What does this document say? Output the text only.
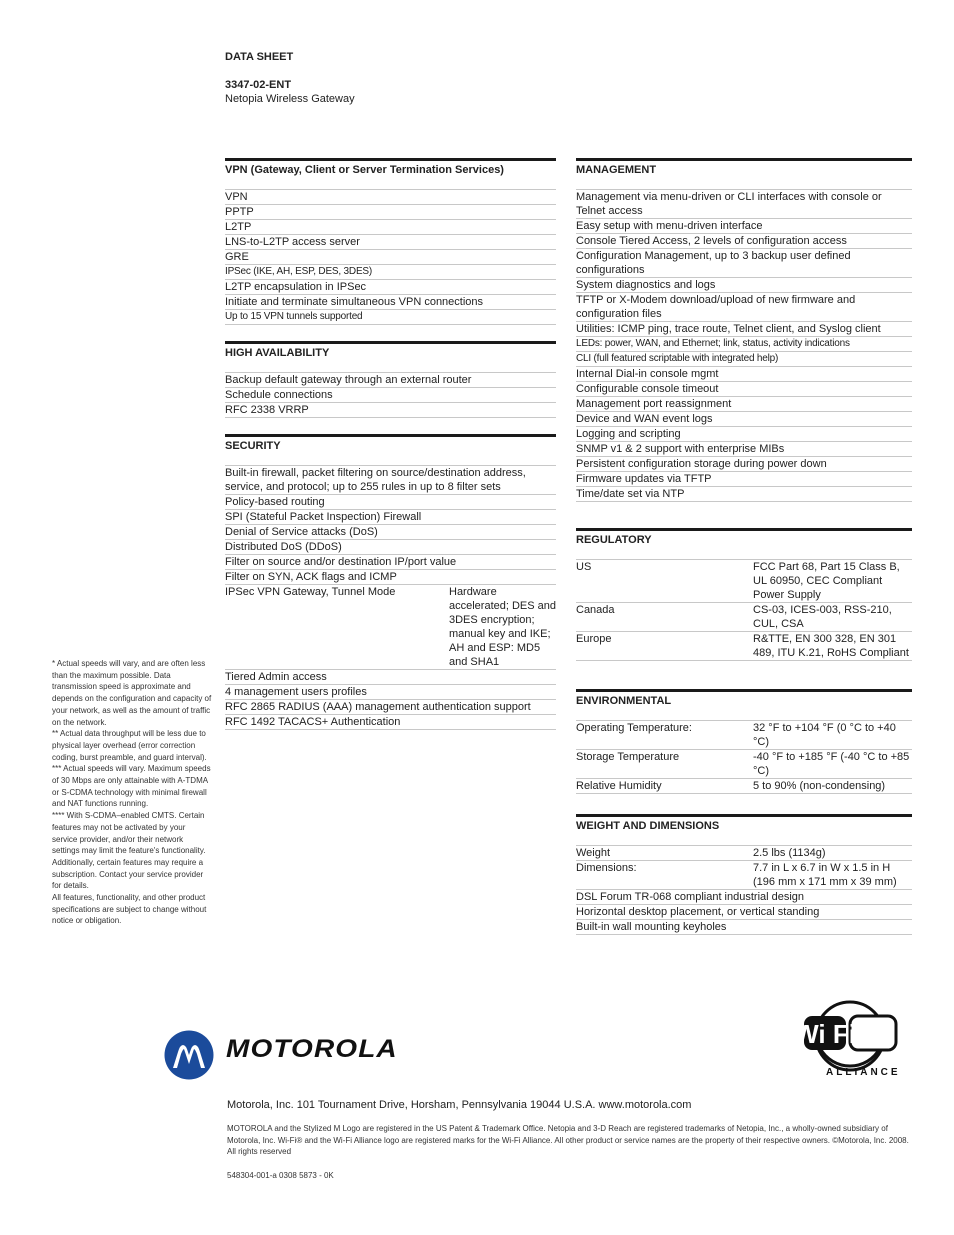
DATA SHEET
3347-02-ENT
Netopia Wireless Gateway
VPN (Gateway, Client or Server Termination Services)
VPN
PPTP
L2TP
LNS-to-L2TP access server
GRE
IPSec (IKE, AH, ESP, DES, 3DES)
L2TP encapsulation in IPSec
Initiate and terminate simultaneous VPN connections
Up to 15 VPN tunnels supported
HIGH AVAILABILITY
Backup default gateway through an external router
Schedule connections
RFC 2338 VRRP
SECURITY
Built-in firewall, packet filtering on source/destination address, service, and protocol; up to 255 rules in up to 8 filter sets
Policy-based routing
SPI (Stateful Packet Inspection) Firewall
Denial of Service attacks (DoS)
Distributed DoS (DDoS)
Filter on source and/or destination IP/port value
Filter on SYN, ACK flags and ICMP
IPSec VPN Gateway, Tunnel Mode	Hardware accelerated; DES and 3DES encryption; manual key and IKE; AH and ESP: MD5 and SHA1
Tiered Admin access
4 management users profiles
RFC 2865 RADIUS (AAA) management authentication support
RFC 1492 TACACS+ Authentication
MANAGEMENT
Management via menu-driven or CLI interfaces with console or Telnet access
Easy setup with menu-driven interface
Console Tiered Access, 2 levels of configuration access
Configuration Management, up to 3 backup user defined configurations
System diagnostics and logs
TFTP or X-Modem download/upload of new firmware and configuration files
Utilities: ICMP ping, trace route, Telnet client, and Syslog client
LEDs: power, WAN, and Ethernet; link, status, activity indications
CLI (full featured scriptable with integrated help)
Internal Dial-in console mgmt
Configurable console timeout
Management port reassignment
Device and WAN event logs
Logging and scripting
SNMP v1 & 2 support with enterprise MIBs
Persistent configuration storage during power down
Firmware updates via TFTP
Time/date set via NTP
REGULATORY
US	FCC Part 68, Part 15 Class B, UL 60950, CEC Compliant Power Supply
Canada	CS-03, ICES-003, RSS-210, CUL, CSA
Europe	R&TTE, EN 300 328, EN 301 489, ITU K.21, RoHS Compliant
ENVIRONMENTAL
Operating Temperature:	32 °F to +104 °F (0 °C to +40 °C)
Storage Temperature	-40 °F to +185 °F (-40 °C to +85 °C)
Relative Humidity	5 to 90% (non-condensing)
WEIGHT AND DIMENSIONS
Weight	2.5 lbs (1134g)
Dimensions:	7.7 in L x 6.7 in W x 1.5 in H (196 mm x 171 mm x 39 mm)
DSL Forum TR-068 compliant industrial design
Horizontal desktop placement, or vertical standing
Built-in wall mounting keyholes

* Actual speeds will vary, and are often less than the maximum possible. Data transmission speed is approximate and depends on the configuration and capacity of your network, as well as the amount of traffic on the network.

** Actual data throughput will be less due to physical layer overhead (error correction coding, burst preamble, and guard interval).

*** Actual speeds will vary. Maximum speeds of 30 Mbps are only attainable with A-TDMA or S-CDMA technology with minimal firewall and NAT functions running.

**** With S-CDMA–enabled CMTS. Certain features may not be activated by your service provider, and/or their network settings may limit the feature's functionality. Additionally, certain features may require a subscription. Contact your service provider for details.

All features, functionality, and other product specifications are subject to change without notice or obligation.

MOTOROLA	Wi Fi
ALLIANCE
Motorola, Inc. 101 Tournament Drive, Horsham, Pennsylvania 19044 U.S.A. www.motorola.com
MOTOROLA and the Stylized M Logo are registered in the US Patent & Trademark Office. Netopia and 3-D Reach are registered trademarks of Netopia, Inc., a wholly-owned subsidiary of Motorola, Inc. Wi-Fi® and the Wi-Fi Alliance logo are registered marks for the Wi-Fi Alliance. All other product or service names are the property of their respective owners. ©Motorola, Inc. 2008. All rights reserved
548304-001-a 0308 5873 - 0K
